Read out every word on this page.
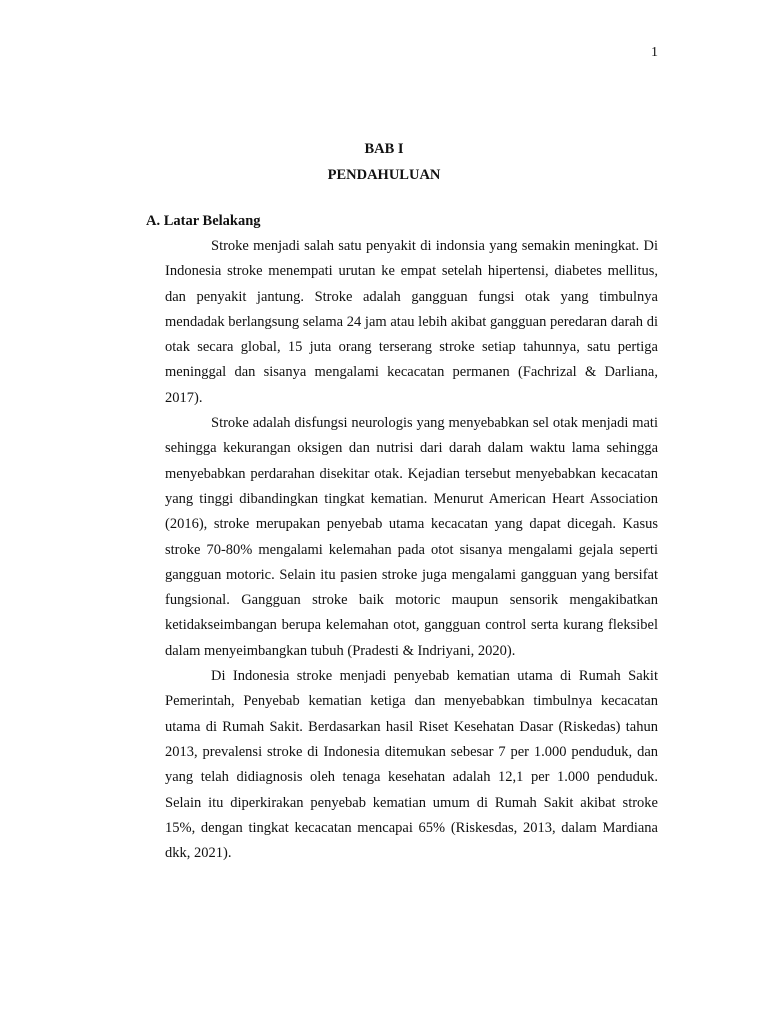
1
BAB I
PENDAHULUAN
A. Latar Belakang

Stroke menjadi salah satu penyakit di indonsia yang semakin meningkat. Di Indonesia stroke menempati urutan ke empat setelah hipertensi, diabetes mellitus, dan penyakit jantung. Stroke adalah gangguan fungsi otak yang timbulnya mendadak berlangsung selama 24 jam atau lebih akibat gangguan peredaran darah di otak secara global, 15 juta orang terserang stroke setiap tahunnya, satu pertiga meninggal dan sisanya mengalami kecacatan permanen (Fachrizal & Darliana, 2017).

Stroke adalah disfungsi neurologis yang menyebabkan sel otak menjadi mati sehingga kekurangan oksigen dan nutrisi dari darah dalam waktu lama sehingga menyebabkan perdarahan disekitar otak. Kejadian tersebut menyebabkan kecacatan yang tinggi dibandingkan tingkat kematian. Menurut American Heart Association (2016), stroke merupakan penyebab utama kecacatan yang dapat dicegah. Kasus stroke 70-80% mengalami kelemahan pada otot sisanya mengalami gejala seperti gangguan motoric. Selain itu pasien stroke juga mengalami gangguan yang bersifat fungsional. Gangguan stroke baik motoric maupun sensorik mengakibatkan ketidakseimbangan berupa kelemahan otot, gangguan control serta kurang fleksibel dalam menyeimbangkan tubuh (Pradesti & Indriyani, 2020).

Di Indonesia stroke menjadi penyebab kematian utama di Rumah Sakit Pemerintah, Penyebab kematian ketiga dan menyebabkan timbulnya kecacatan utama di Rumah Sakit. Berdasarkan hasil Riset Kesehatan Dasar (Riskedas) tahun 2013, prevalensi stroke di Indonesia ditemukan sebesar 7 per 1.000 penduduk, dan yang telah didiagnosis oleh tenaga kesehatan adalah 12,1 per 1.000 penduduk. Selain itu diperkirakan penyebab kematian umum di Rumah Sakit akibat stroke 15%, dengan tingkat kecacatan mencapai 65% (Riskesdas, 2013, dalam Mardiana dkk, 2021).
